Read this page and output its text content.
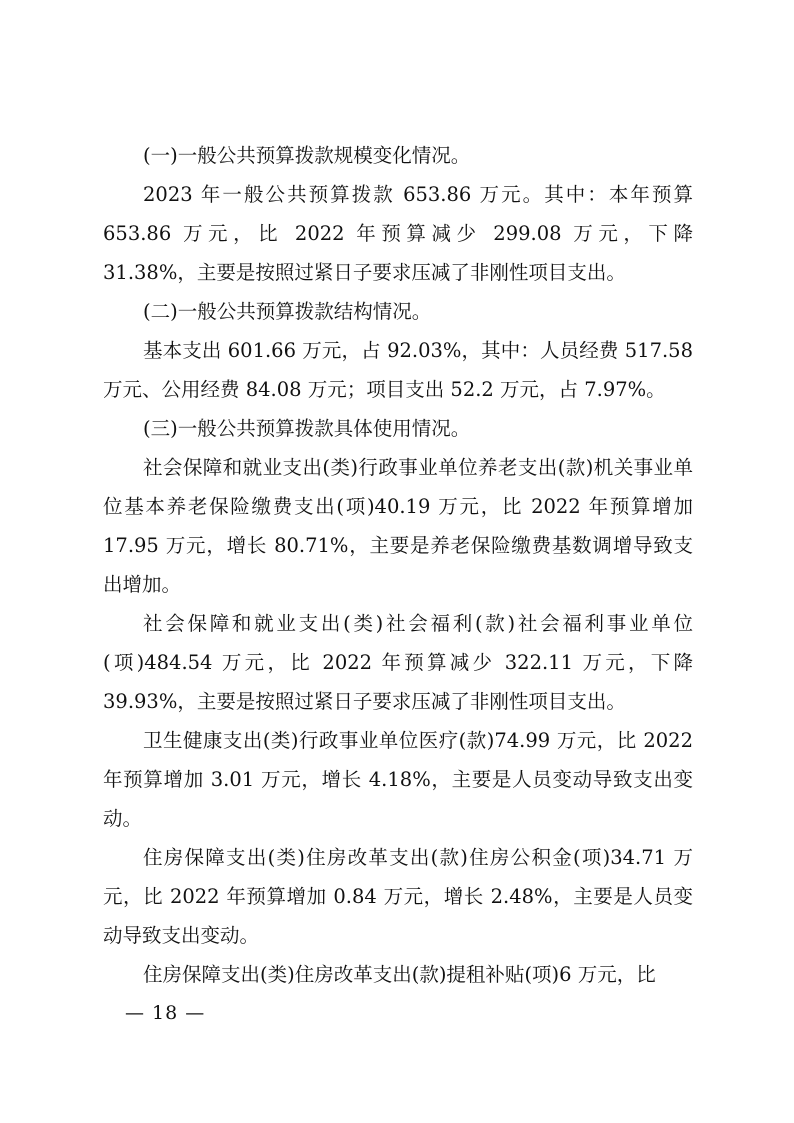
(一)一般公共预算拨款规模变化情况。

2023 年一般公共预算拨款 653.86 万元。其中：本年预算 653.86 万元，比 2022 年预算减少 299.08 万元，下降 31.38%，主要是按照过紧日子要求压减了非刚性项目支出。

(二)一般公共预算拨款结构情况。

基本支出 601.66 万元，占 92.03%，其中：人员经费 517.58 万元、公用经费 84.08 万元；项目支出 52.2 万元，占 7.97%。

(三)一般公共预算拨款具体使用情况。

社会保障和就业支出(类)行政事业单位养老支出(款)机关事业单位基本养老保险缴费支出(项)40.19 万元，比 2022 年预算增加 17.95 万元，增长 80.71%，主要是养老保险缴费基数调增导致支出增加。

社会保障和就业支出(类)社会福利(款)社会福利事业单位(项)484.54 万元，比 2022 年预算减少 322.11 万元，下降 39.93%，主要是按照过紧日子要求压减了非刚性项目支出。

卫生健康支出(类)行政事业单位医疗(款)74.99 万元，比 2022 年预算增加 3.01 万元，增长 4.18%，主要是人员变动导致支出变动。

住房保障支出(类)住房改革支出(款)住房公积金(项)34.71 万元，比 2022 年预算增加 0.84 万元，增长 2.48%，主要是人员变动导致支出变动。

住房保障支出(类)住房改革支出(款)提租补贴(项)6 万元，比

— 18 —
